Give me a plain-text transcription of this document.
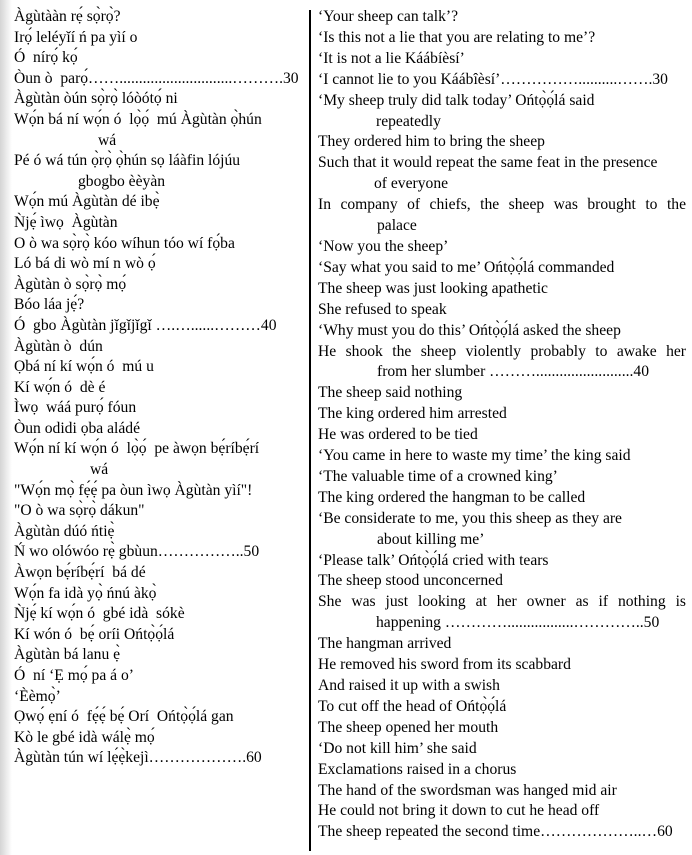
Àgùtààn rẹ́ sọ̀rọ̀?
Irọ́ leléyǐí ń pa yìí o
Ó  nírọ́ kọ́
Òun ò  parọ́…….............................……….30
Àgùtàn òún sọ̀rọ̀ lóòótọ́ ni
Wọ́n bá ní wọ́n ó  lọ̀ọ́  mú Àgùtàn ọ̀hún
wá
Pé ó wá tún ọ̀rọ̀ ọ̀hún sọ láàfin lójúu
gbogbo èèyàn
Wọ́n mú Àgùtàn dé ibẹ̀
Ǹjẹ́ ìwọ  Àgùtàn
O ò wa sọ̀rọ̀ kóo wíhun tóo wí fọ́ba
Ló bá di wò mí n wò ọ́
Àgùtàn ò sọ̀rọ̀ mọ́
Bóo láa jẹ́?
Ó  gbo Àgùtàn jǐgǐjǐgǐ ….…......………40
Àgùtàn ò  dún
Ọbá ní kí wọ́n ó  mú u
Kí wọ́n ó  dè é
Ìwọ  wáá purọ́ fóun
Òun odidi ọba aládé
Wọ́n ní kí wọ́n ó  lọ̀ọ́  pe àwọn bẹ́ríbẹ́rí
wá
"Wọ́n mọ̀ fẹ́ẹ́ pa òun ìwọ Àgùtàn yìí"!
"O ò wa sọ̀rọ̀ dákun"
Àgùtàn dúó ńtiẹ̀
Ń wo olówóo rẹ̀ gbùun……………..50
Àwọn bẹ́ríbẹ́rí  bá dé
Wọ́n fa idà yọ̀ ńnú àkọ̀
Ǹjẹ́ kí wọ́n ó  gbé idà  sókè
Kí wón ó  bẹ́ oríi Ońtọ̀ọ́lá
Àgùtàn bá lanu ẹ̀
Ó  ní ‘Ẹ mọ́ pa á o’
‘Èèmọ̀’
Ọwọ́ ẹní ó  fẹ́ẹ́ bẹ́ Orí  Ońtọ̀ọ́lá gan
Kò le gbé idà wálẹ̀ mọ́
Àgùtàn tún wí lẹ́ẹ̀kejì……………….60
‘Your sheep can talk’?
‘Is this not a lie that you are relating to me’?
‘It is not a lie Káábíèsí’
‘I cannot lie to you Káábîèsí’……………..........…….30
‘My sheep truly did talk today’ Ońtọ̀ọ́lá said
repeatedly
They ordered him to bring the sheep
Such that it would repeat the same feat in the presence
of everyone
In company of chiefs, the sheep was brought to the
palace
‘Now you the sheep’
‘Say what you said to me’ Ońtọ̀ọ́lá commanded
The sheep was just looking apathetic
She refused to speak
‘Why must you do this’ Ońtọ̀ọ́lá asked the sheep
He shook the sheep violently probably to awake her
from her slumber ……….........................40
The sheep said nothing
The king ordered him arrested
He was ordered to be tied
‘You came in here to waste my time’ the king said
‘The valuable time of a crowned king’
The king ordered the hangman to be called
‘Be considerate to me, you this sheep as they are
about killing me’
‘Please talk’ Ońtọ̀ọ́lá cried with tears
The sheep stood unconcerned
She was just looking at her owner as if nothing is
happening ………….................…………..50
The hangman arrived
He removed his sword from its scabbard
And raised it up with a swish
To cut off the head of Ońtọ̀ọ́lá
The sheep opened her mouth
‘Do not kill him’ she said
Exclamations raised in a chorus
The hand of the swordsman was hanged mid air
He could not bring it down to cut he head off
The sheep repeated the second time………………..…60
